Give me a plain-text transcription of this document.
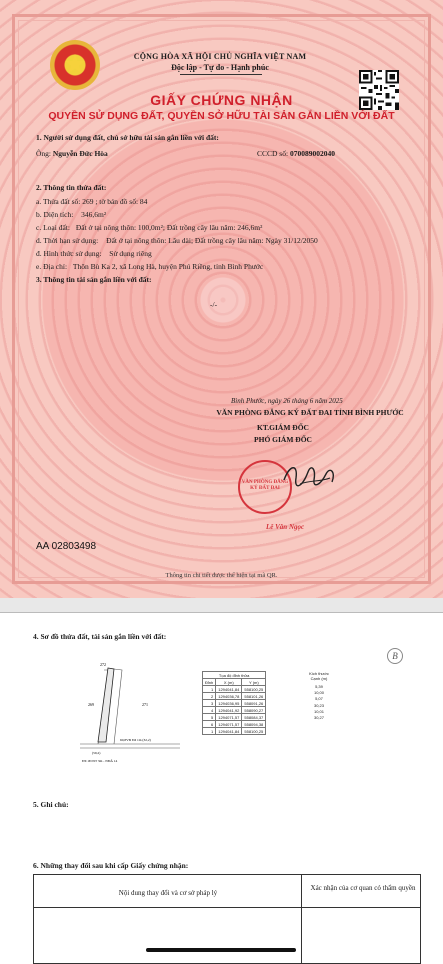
CỘNG HÒA XÃ HỘI CHỦ NGHĨA VIỆT NAM
Độc lập - Tự do - Hạnh phúc
GIẤY CHỨNG NHẬN
QUYỀN SỬ DỤNG ĐẤT, QUYỀN SỞ HỮU TÀI SẢN GẮN LIỀN VỚI ĐẤT
1. Người sử dụng đất, chủ sở hữu tài sản gắn liền với đất:
Ông: Nguyễn Đức Hòa	CCCD số: 070089002040
2. Thông tin thửa đất:
a. Thửa đất số: 269 ; tờ bản đồ số: 84
b. Diện tích: 346,6m²
c. Loại đất: Đất ở tại nông thôn: 100,0m²; Đất trồng cây lâu năm: 246,6m²
d. Thời hạn sử dụng: Đất ở tại nông thôn: Lâu dài; Đất trồng cây lâu năm: Ngày 31/12/2050
đ. Hình thức sử dụng: Sử dụng riêng
e. Địa chỉ: Thôn Bù Ka 2, xã Long Hà, huyện Phú Riềng, tỉnh Bình Phước
3. Thông tin tài sản gắn liền với đất:
-/-
Bình Phước, ngày 26 tháng 6 năm 2025
VĂN PHÒNG ĐĂNG KÝ ĐẤT ĐAI TỈNH BÌNH PHƯỚC
KT.GIÁM ĐỐC
PHÓ GIÁM ĐỐC
VĂN PHÒNG ĐĂNG KÝ ĐẤT ĐAI
Lê Văn Ngọc
AA 02803498
Thông tin chi tiết được thể hiện tại mã QR.
B
4. Sơ đồ thửa đất, tài sản gắn liền với đất:
269	271
272
60,8VĐ Đã 1m (32,2)
(59,2)
ĐT.1Đ ĐT 3m - NĐÂ 14
Tọa độ đỉnh thửa		
Đỉnh	X (m)	Y (m)
1	1294041,84	558100,25
2	1294036,78	558101,26
3	1294036,95	558091,26
4	1294041,92	558090,27
5	1294071,57	558084,37
6	1294071,57	558094,38
1	1294041,84	558100,25
Kích thước Cạnh (m)
5,39
10,00
5,07
30,23
10,01
30,27
5. Ghi chú:
6. Những thay đổi sau khi cấp Giấy chứng nhận:
Nội dung thay đổi và cơ sở pháp lý
Xác nhận của cơ quan có thẩm quyền
